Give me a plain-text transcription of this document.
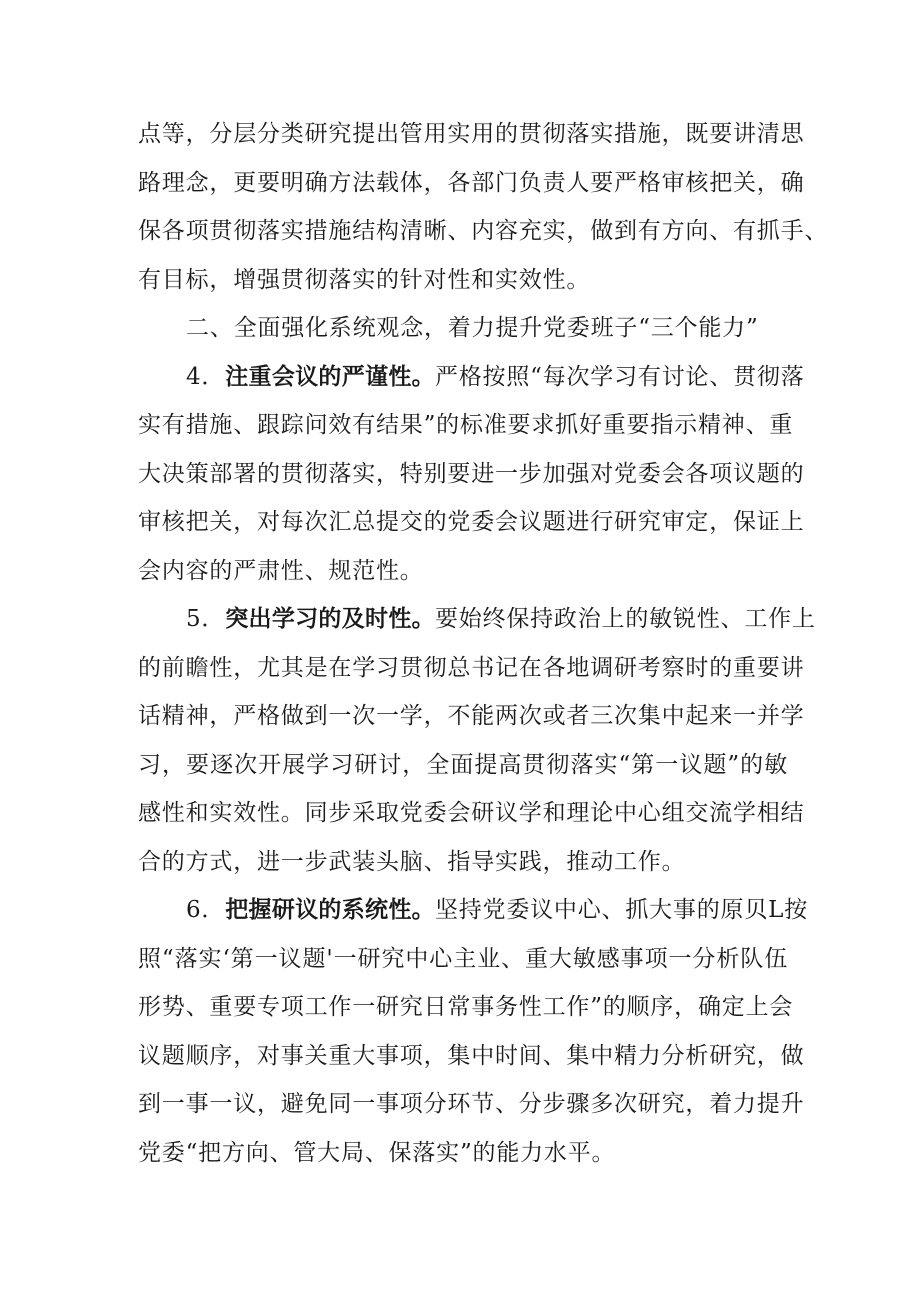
点等，分层分类研究提出管用实用的贯彻落实措施，既要讲清思
路理念，更要明确方法载体，各部门负责人要严格审核把关，确
保各项贯彻落实措施结构清晰、内容充实，做到有方向、有抓手、
有目标，增强贯彻落实的针对性和实效性。
二、全面强化系统观念，着力提升党委班子“三个能力”
4．注重会议的严谨性。严格按照“每次学习有讨论、贯彻落
实有措施、跟踪问效有结果”的标准要求抓好重要指示精神、重
大决策部署的贯彻落实，特别要进一步加强对党委会各项议题的
审核把关，对每次汇总提交的党委会议题进行研究审定，保证上
会内容的严肃性、规范性。
5．突出学习的及时性。要始终保持政治上的敏锐性、工作上
的前瞻性，尤其是在学习贯彻总书记在各地调研考察时的重要讲
话精神，严格做到一次一学，不能两次或者三次集中起来一并学
习，要逐次开展学习研讨，全面提高贯彻落实“第一议题”的敏
感性和实效性。同步采取党委会研议学和理论中心组交流学相结
合的方式，进一步武装头脑、指导实践，推动工作。
6．把握研议的系统性。坚持党委议中心、抓大事的原贝L按
照“落实‘第一议题'一研究中心主业、重大敏感事项一分析队伍
形势、重要专项工作一研究日常事务性工作”的顺序，确定上会
议题顺序，对事关重大事项，集中时间、集中精力分析研究，做
到一事一议，避免同一事项分环节、分步骤多次研究，着力提升
党委“把方向、管大局、保落实”的能力水平。
